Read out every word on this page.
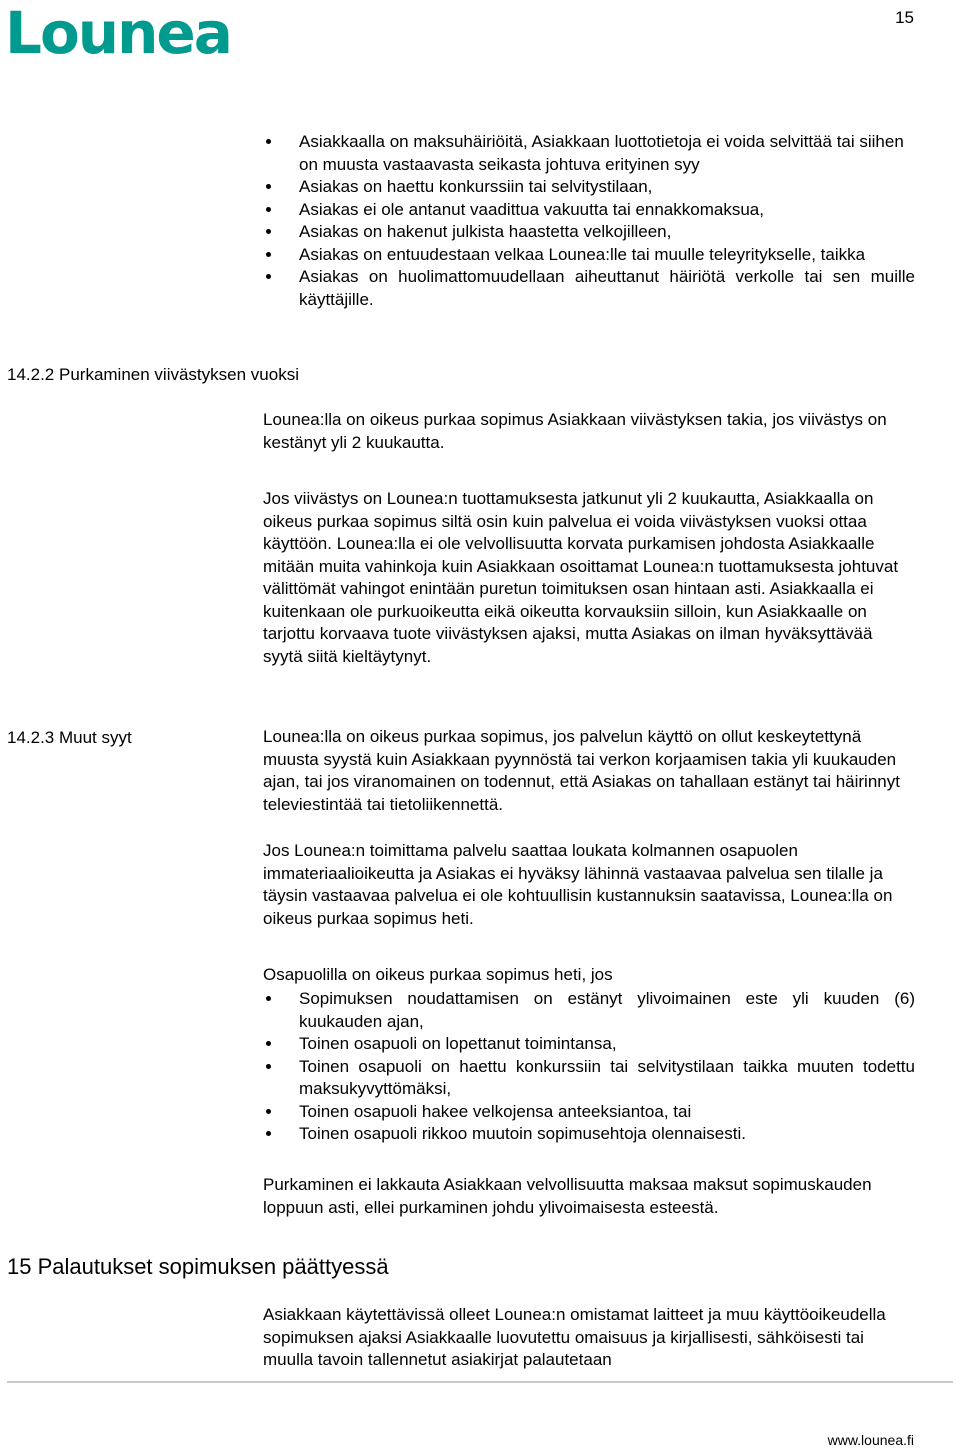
Lounea	15
Asiakkaalla on maksuhäiriöitä, Asiakkaan luottotietoja ei voida selvittää tai siihen on muusta vastaavasta seikasta johtuva erityinen syy
Asiakas on haettu konkurssiin tai selvitystilaan,
Asiakas ei ole antanut vaadittua vakuutta tai ennakkomaksua,
Asiakas on hakenut julkista haastetta velkojilleen,
Asiakas on entuudestaan velkaa Lounea:lle tai muulle teleyritykselle, taikka
Asiakas on huolimattomuudellaan aiheuttanut häiriötä verkolle tai sen muille käyttäjille.
14.2.2 Purkaminen viivästyksen vuoksi

Lounea:lla on oikeus purkaa sopimus Asiakkaan viivästyksen takia, jos viivästys on kestänyt yli 2 kuukautta.

Jos viivästys on Lounea:n tuottamuksesta jatkunut yli 2 kuukautta, Asiakkaalla on oikeus purkaa sopimus siltä osin kuin palvelua ei voida viivästyksen vuoksi ottaa käyttöön. Lounea:lla ei ole velvollisuutta korvata purkamisen johdosta Asiakkaalle mitään muita vahinkoja kuin Asiakkaan osoittamat Lounea:n tuottamuksesta johtuvat välittömät vahingot enintään puretun toimituksen osan hintaan asti. Asiakkaalla ei kuitenkaan ole purkuoikeutta eikä oikeutta korvauksiin silloin, kun Asiakkaalle on tarjottu korvaava tuote viivästyksen ajaksi, mutta Asiakas on ilman hyväksyttävää syytä siitä kieltäytynyt.

14.2.3 Muut syyt	Lounea:lla on oikeus purkaa sopimus, jos palvelun käyttö on ollut keskeytettynä muusta syystä kuin Asiakkaan pyynnöstä tai verkon korjaamisen takia yli kuukauden ajan, tai jos viranomainen on todennut, että Asiakas on tahallaan estänyt tai häirinnyt televiestintää tai tietoliikennettä.

Jos Lounea:n toimittama palvelu saattaa loukata kolmannen osapuolen immateriaalioikeutta ja Asiakas ei hyväksy lähinnä vastaavaa palvelua sen tilalle ja täysin vastaavaa palvelua ei ole kohtuullisin kustannuksin saatavissa, Lounea:lla on oikeus purkaa sopimus heti.

Osapuolilla on oikeus purkaa sopimus heti, jos

Sopimuksen noudattamisen on estänyt ylivoimainen este yli kuuden (6) kuukauden ajan,
Toinen osapuoli on lopettanut toimintansa,
Toinen osapuoli on haettu konkurssiin tai selvitystilaan taikka muuten todettu maksukyvyttömäksi,
Toinen osapuoli hakee velkojensa anteeksiantoa, tai
Toinen osapuoli rikkoo muutoin sopimusehtoja olennaisesti.

Purkaminen ei lakkauta Asiakkaan velvollisuutta maksaa maksut sopimuskauden loppuun asti, ellei purkaminen johdu ylivoimaisesta esteestä.

15 Palautukset sopimuksen päättyessä

Asiakkaan käytettävissä olleet Lounea:n omistamat laitteet ja muu käyttöoikeudella sopimuksen ajaksi Asiakkaalle luovutettu omaisuus ja kirjallisesti, sähköisesti tai muulla tavoin tallennetut asiakirjat palautetaan

www.lounea.fi
